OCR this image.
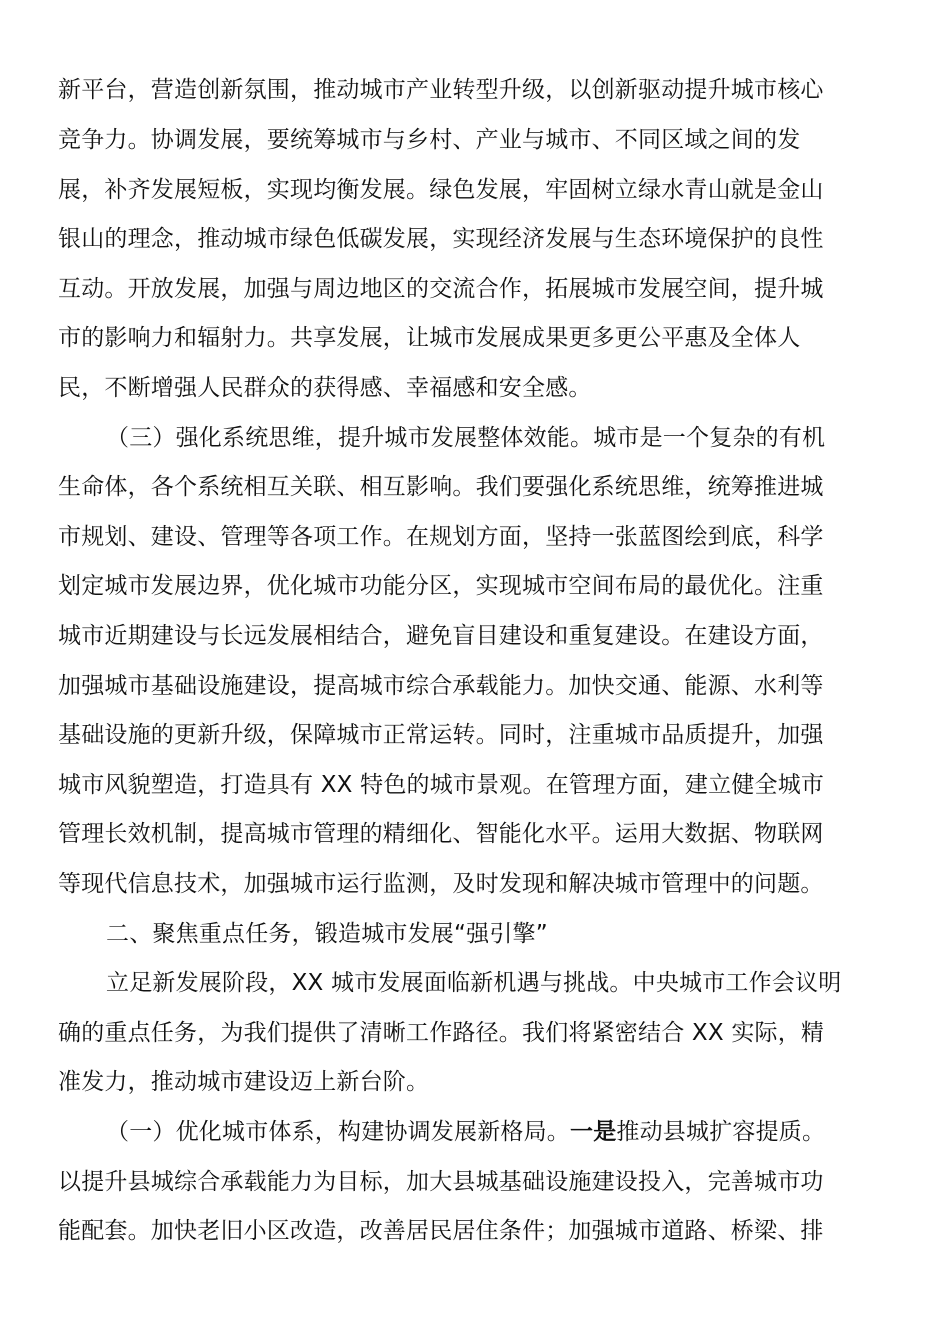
新平台，营造创新氛围，推动城市产业转型升级，以创新驱动提升城市核心
竞争力。协调发展，要统筹城市与乡村、产业与城市、不同区域之间的发
展，补齐发展短板，实现均衡发展。绿色发展，牢固树立绿水青山就是金山
银山的理念，推动城市绿色低碳发展，实现经济发展与生态环境保护的良性
互动。开放发展，加强与周边地区的交流合作，拓展城市发展空间，提升城
市的影响力和辐射力。共享发展，让城市发展成果更多更公平惠及全体人
民，不断增强人民群众的获得感、幸福感和安全感。
（三）强化系统思维，提升城市发展整体效能。城市是一个复杂的有机
生命体，各个系统相互关联、相互影响。我们要强化系统思维，统筹推进城
市规划、建设、管理等各项工作。在规划方面，坚持一张蓝图绘到底，科学
划定城市发展边界，优化城市功能分区，实现城市空间布局的最优化。注重
城市近期建设与长远发展相结合，避免盲目建设和重复建设。在建设方面，
加强城市基础设施建设，提高城市综合承载能力。加快交通、能源、水利等
基础设施的更新升级，保障城市正常运转。同时，注重城市品质提升，加强
城市风貌塑造，打造具有 XX 特色的城市景观。在管理方面，建立健全城市
管理长效机制，提高城市管理的精细化、智能化水平。运用大数据、物联网
等现代信息技术，加强城市运行监测，及时发现和解决城市管理中的问题。
二、聚焦重点任务，锻造城市发展“强引擎”
立足新发展阶段，XX 城市发展面临新机遇与挑战。中央城市工作会议明
确的重点任务，为我们提供了清晰工作路径。我们将紧密结合 XX 实际，精
准发力，推动城市建设迈上新台阶。
（一）优化城市体系，构建协调发展新格局。一是推动县城扩容提质。
以提升县城综合承载能力为目标，加大县城基础设施建设投入，完善城市功
能配套。加快老旧小区改造，改善居民居住条件；加强城市道路、桥梁、排
